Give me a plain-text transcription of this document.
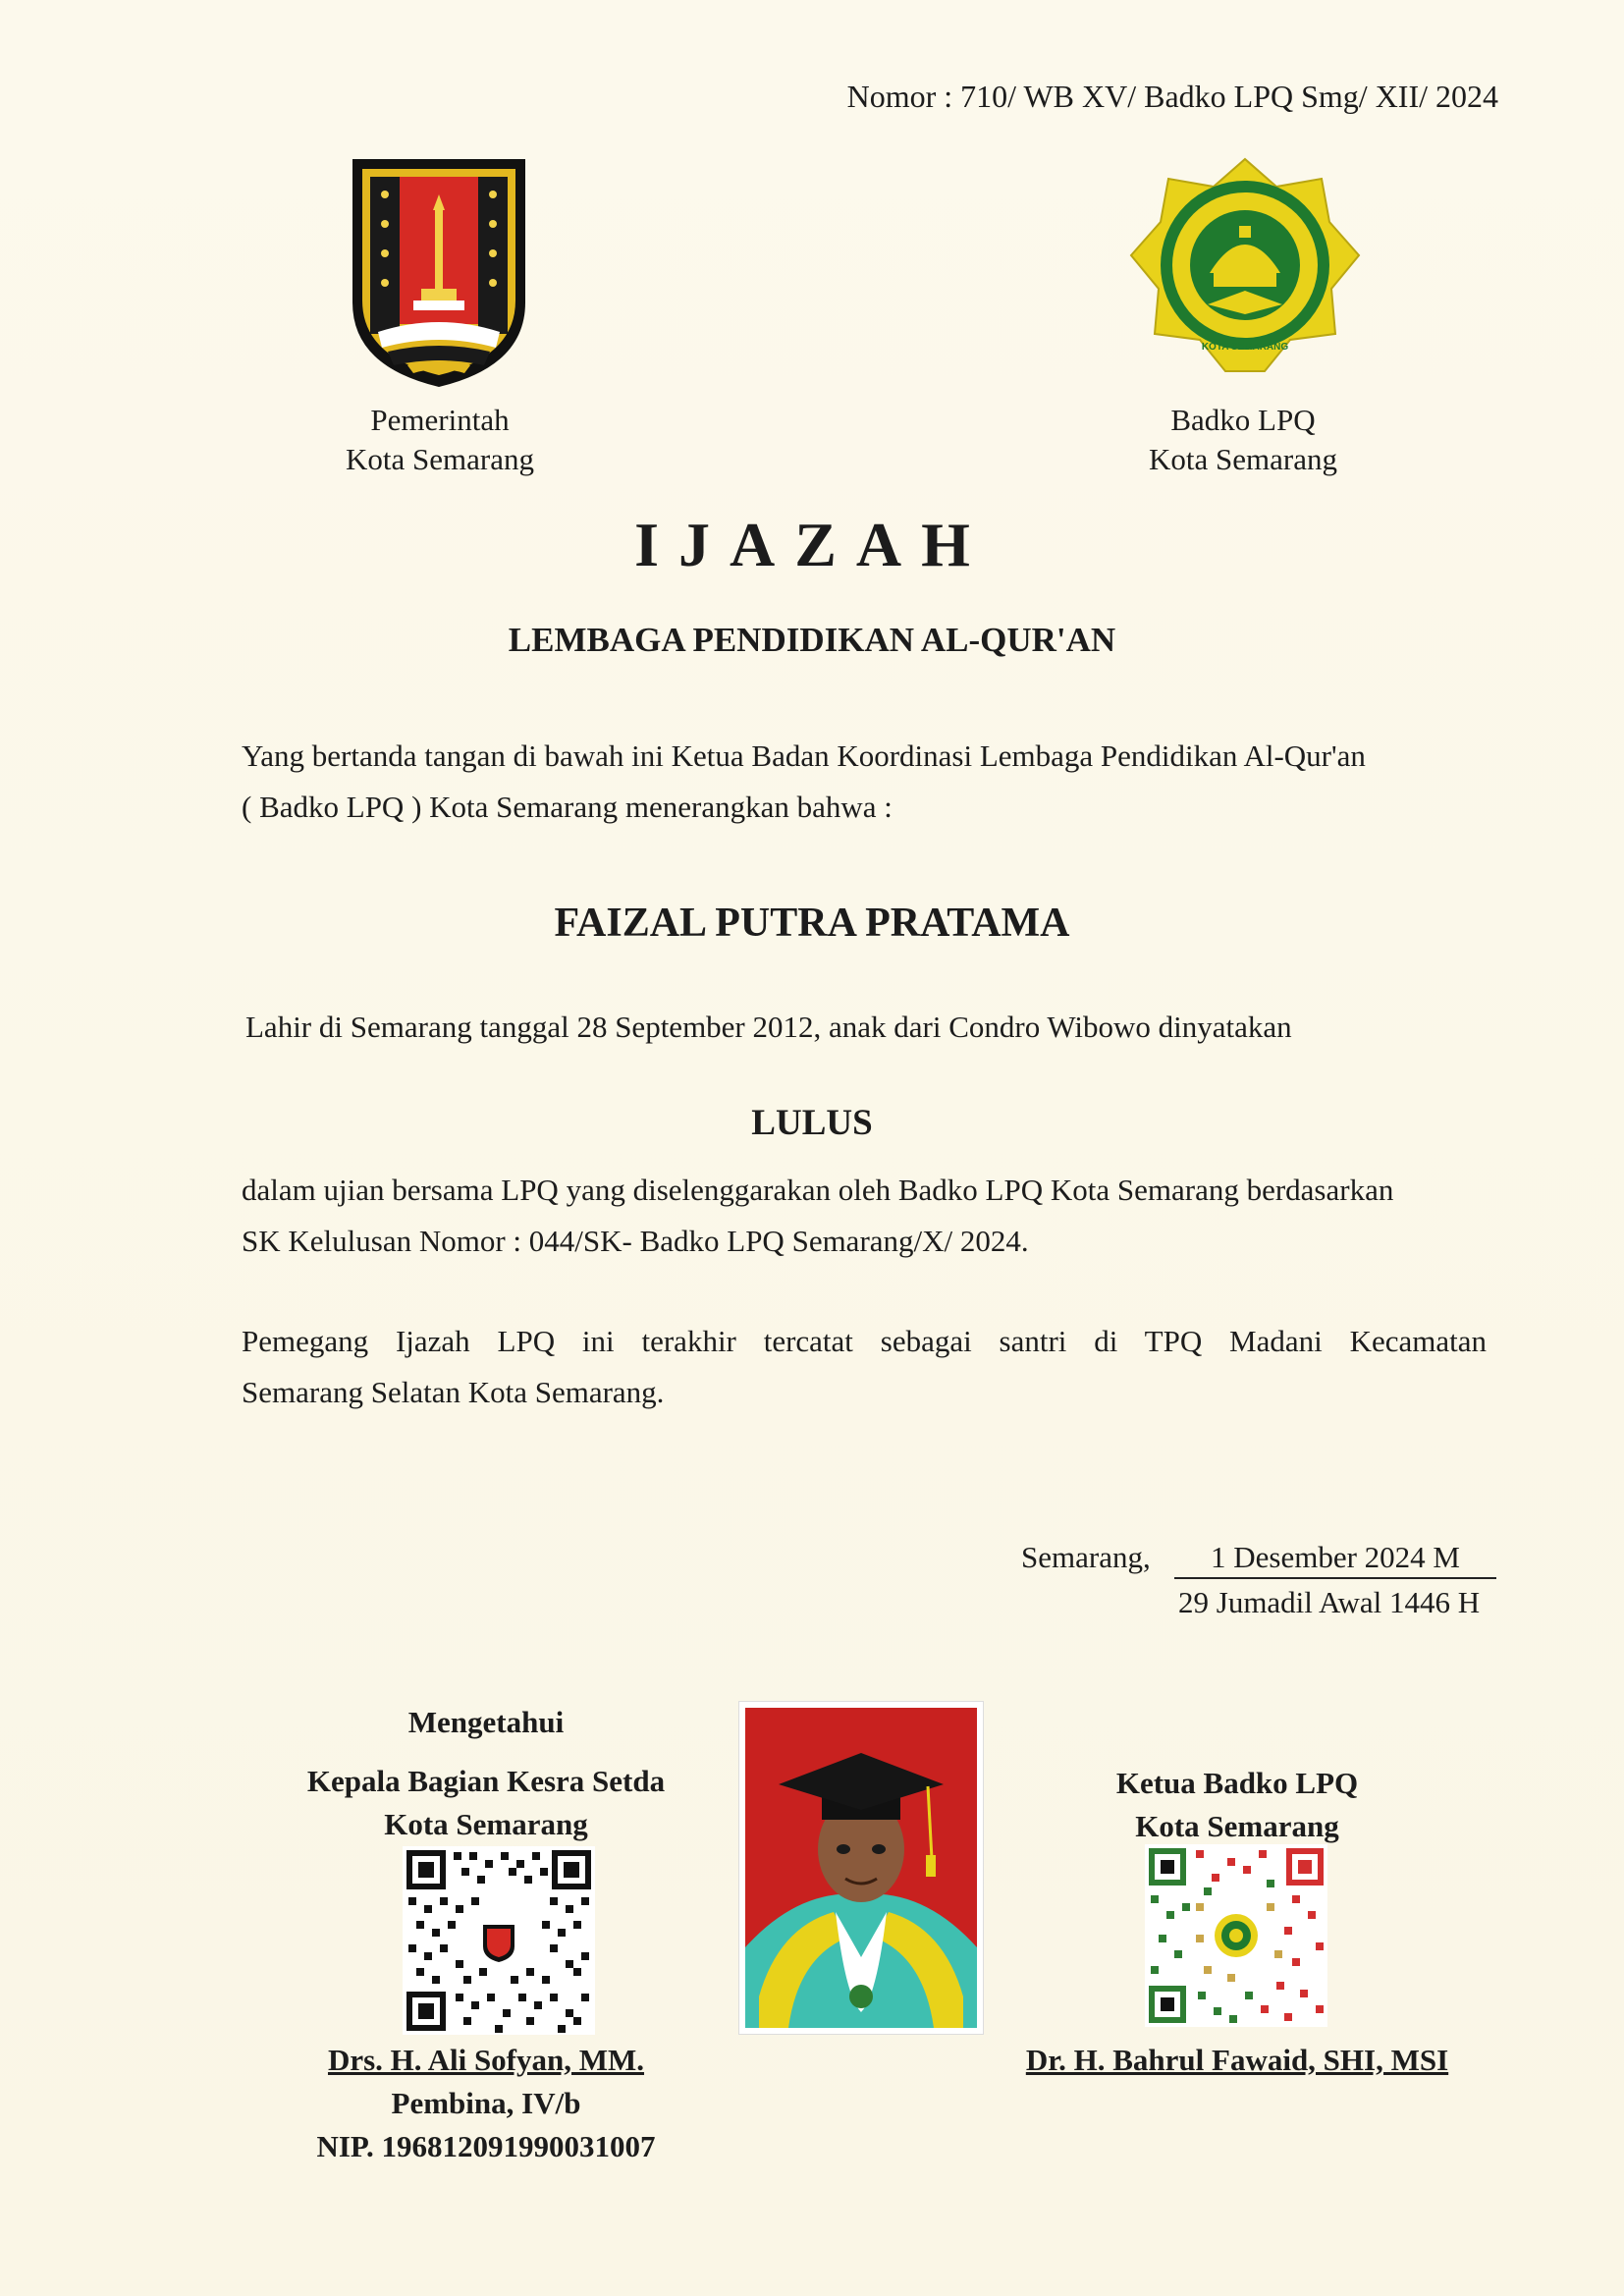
Nomor : 710/ WB XV/ Badko LPQ Smg/ XII/ 2024
Pemerintah
Kota Semarang
KOTA SEMARANG
Badko LPQ
Kota Semarang
IJAZAH
LEMBAGA PENDIDIKAN AL-QUR'AN
Yang bertanda tangan di bawah ini Ketua Badan Koordinasi Lembaga Pendidikan Al-Qur'an
( Badko LPQ ) Kota Semarang menerangkan bahwa :
FAIZAL PUTRA PRATAMA
Lahir di Semarang tanggal 28 September 2012, anak dari Condro Wibowo dinyatakan
LULUS
dalam ujian bersama LPQ yang diselenggarakan oleh Badko LPQ Kota Semarang berdasarkan
SK Kelulusan Nomor : 044/SK- Badko LPQ Semarang/X/ 2024.
Pemegang Ijazah LPQ ini terakhir tercatat sebagai santri di TPQ Madani Kecamatan
Semarang Selatan Kota Semarang.
Semarang,	1 Desember 2024 M
29 Jumadil Awal 1446 H
Mengetahui
Kepala Bagian Kesra Setda
Kota Semarang
Drs. H. Ali Sofyan, MM.
Pembina, IV/b
NIP. 196812091990031007
Ketua Badko LPQ
Kota Semarang
Dr. H. Bahrul Fawaid, SHI, MSI
